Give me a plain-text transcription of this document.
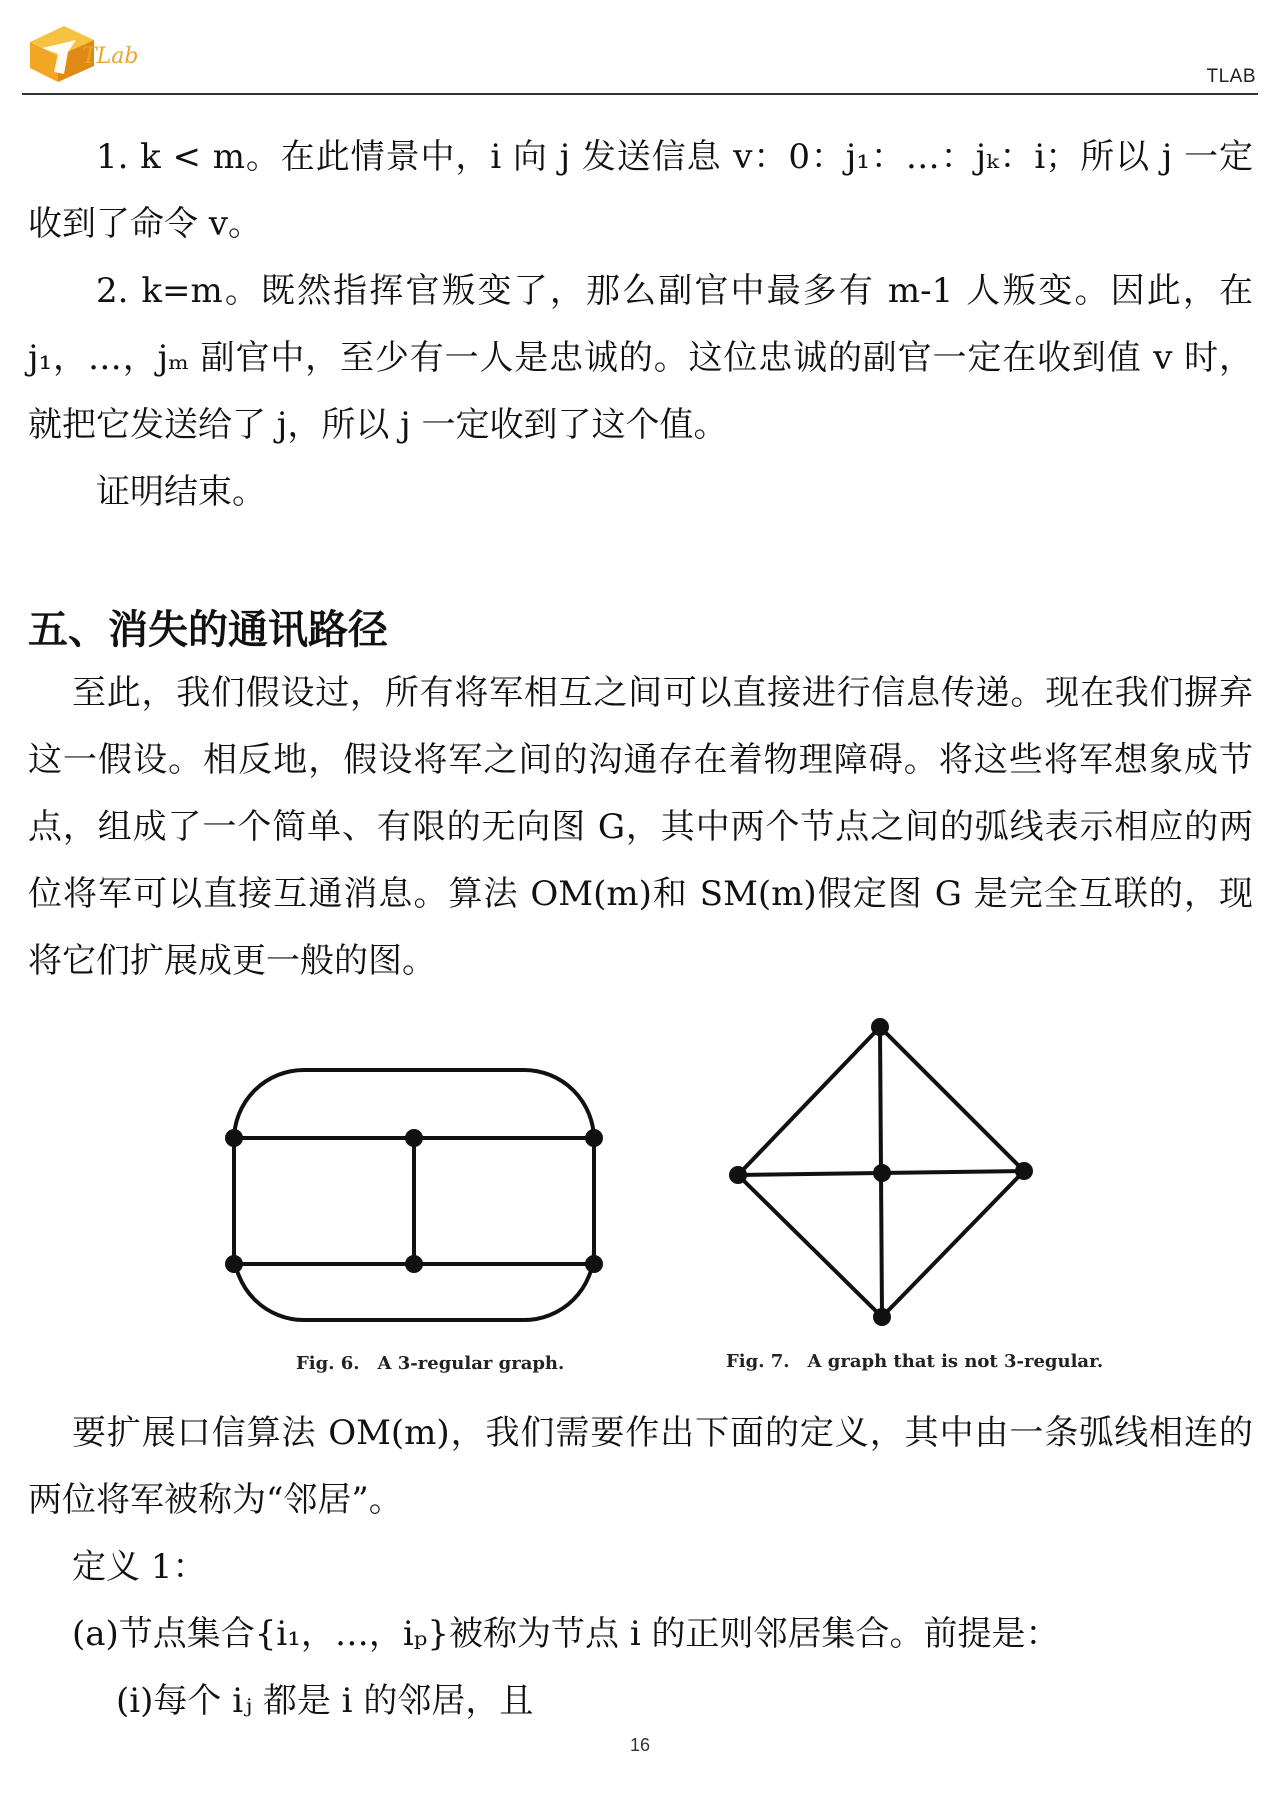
TLab
TLAB

1. k < m。在此情景中，i 向 j 发送信息 v：0：j₁：…：jₖ：i；所以 j 一定收到了命令 v。

2. k=m。既然指挥官叛变了，那么副官中最多有 m-1 人叛变。因此，在 j₁，…，jₘ 副官中，至少有一人是忠诚的。这位忠诚的副官一定在收到值 v 时，就把它发送给了 j，所以 j 一定收到了这个值。

证明结束。

五、消失的通讯路径

至此，我们假设过，所有将军相互之间可以直接进行信息传递。现在我们摒弃这一假设。相反地，假设将军之间的沟通存在着物理障碍。将这些将军想象成节点，组成了一个简单、有限的无向图 G，其中两个节点之间的弧线表示相应的两位将军可以直接互通消息。算法 OM(m)和 SM(m)假定图 G 是完全互联的，现将它们扩展成更一般的图。

Fig. 6. A 3-regular graph.	Fig. 7. A graph that is not 3-regular.

要扩展口信算法 OM(m)，我们需要作出下面的定义，其中由一条弧线相连的两位将军被称为“邻居”。

定义 1：

(a)节点集合{i₁，…，iₚ}被称为节点 i 的正则邻居集合。前提是：

(i)每个 iⱼ 都是 i 的邻居，且

16
